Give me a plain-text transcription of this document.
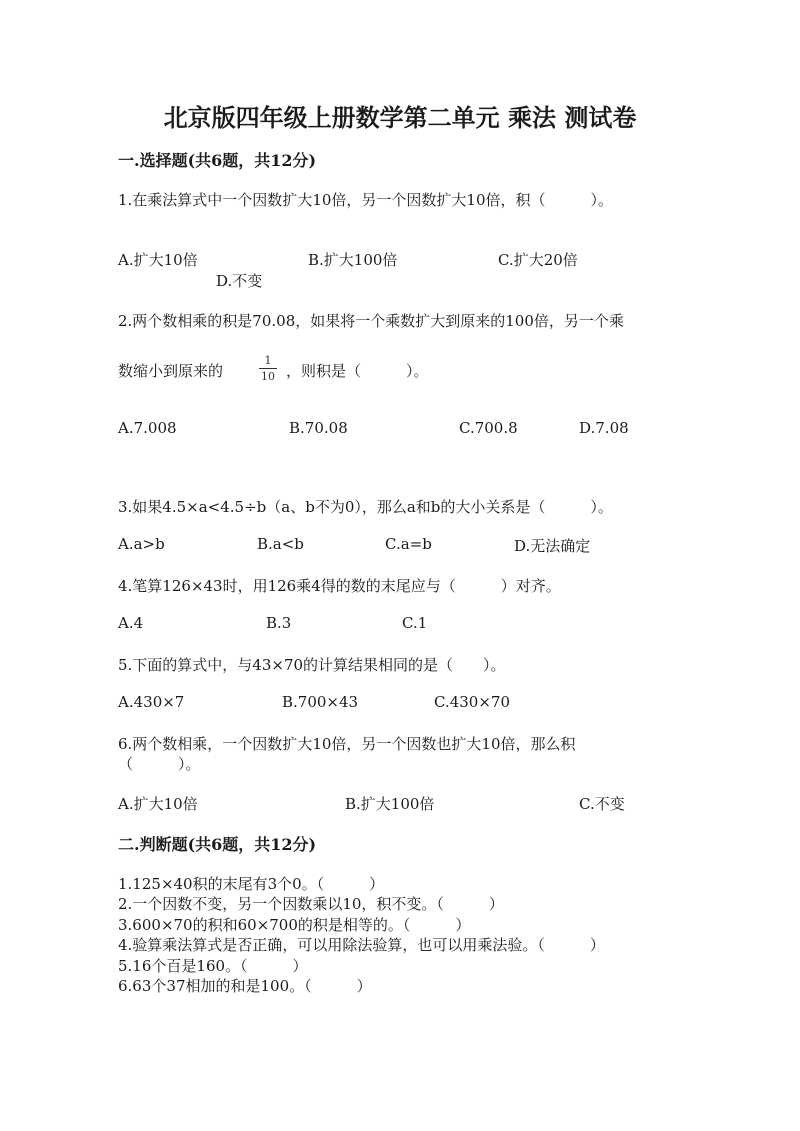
北京版四年级上册数学第二单元 乘法 测试卷
一.选择题(共6题，共12分)
1.在乘法算式中一个因数扩大10倍，另一个因数扩大10倍，积（　　　）。
A.扩大10倍	B.扩大100倍	C.扩大20倍
D.不变
2.两个数相乘的积是70.08，如果将一个乘数扩大到原来的100倍，另一个乘
数缩小到原来的
1
10 ，则积是（　　　）。
A.7.008	B.70.08	C.700.8	D.7.08
3.如果4.5×a<4.5÷b（a、b不为0），那么a和b的大小关系是（　　　）。
A.a>b	B.a<b	C.a=b	D.无法确定
4.笔算126×43时，用126乘4得的数的末尾应与（　　　）对齐。
A.4	B.3	C.1
5.下面的算式中，与43×70的计算结果相同的是（　　）。
A.430×7	B.700×43	C.430×70
6.两个数相乘，一个因数扩大10倍，另一个因数也扩大10倍，那么积
（　　　）。
A.扩大10倍	B.扩大100倍	C.不变
二.判断题(共6题，共12分)
1.125×40积的末尾有3个0。（　　　）
2.一个因数不变，另一个因数乘以10，积不变。（　　　）
3.600×70的积和60×700的积是相等的。（　　　）
4.验算乘法算式是否正确，可以用除法验算，也可以用乘法验。（　　　）
5.16个百是160。（　　　）
6.63个37相加的和是100。（　　　）
